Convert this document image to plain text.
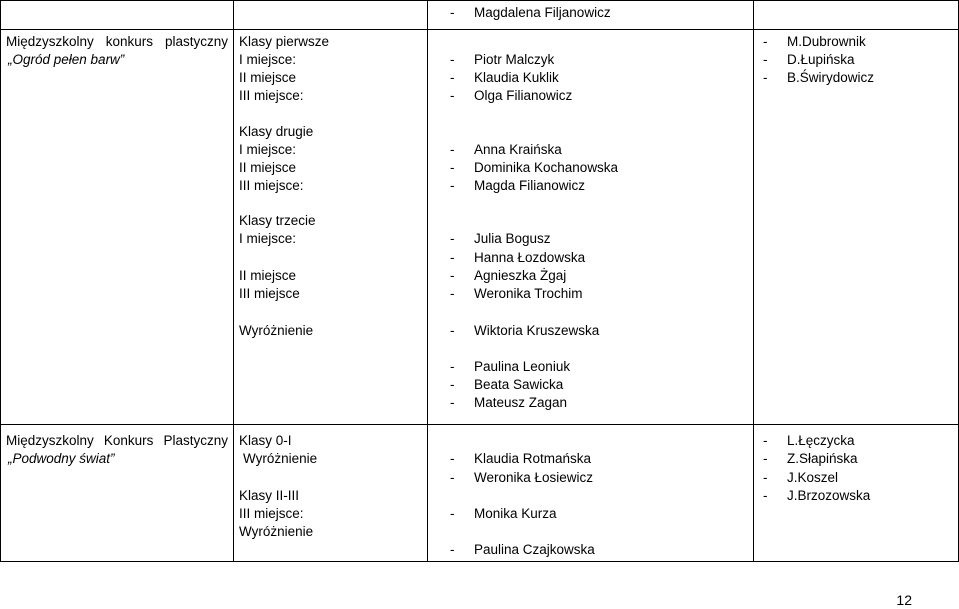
- Magdalena Filjanowicz
Międzyszkolny konkurs plastyczny
„Ogród pełen barw”
Klasy pierwsze
I miejsce:
II miejsce
III miejsce:
- Piotr Malczyk
- Klaudia Kuklik
- Olga Filianowicz
Klasy drugie
I miejsce:
II miejsce
III miejsce:
- Anna Kraińska
- Dominika Kochanowska
- Magda Filianowicz
Klasy trzecie
I miejsce:
II miejsce
III miejsce
Wyróżnienie
- Julia Bogusz
- Hanna Łozdowska
- Agnieszka Żgaj
- Weronika Trochim
- Wiktoria Kruszewska
- Paulina Leoniuk
- Beata Sawicka
- Mateusz Zagan
- M.Dubrownik
- D.Łupińska
- B.Świrydowicz
Międzyszkolny Konkurs Plastyczny
„Podwodny świat”
Klasy 0-I
Wyróżnienie
Klasy II-III
III miejsce:
Wyróżnienie
- Klaudia Rotmańska
- Weronika Łosiewicz
- Monika Kurza
- Paulina Czajkowska
- L.Łęczycka
- Z.Słapińska
- J.Koszel
- J.Brzozowska
12
